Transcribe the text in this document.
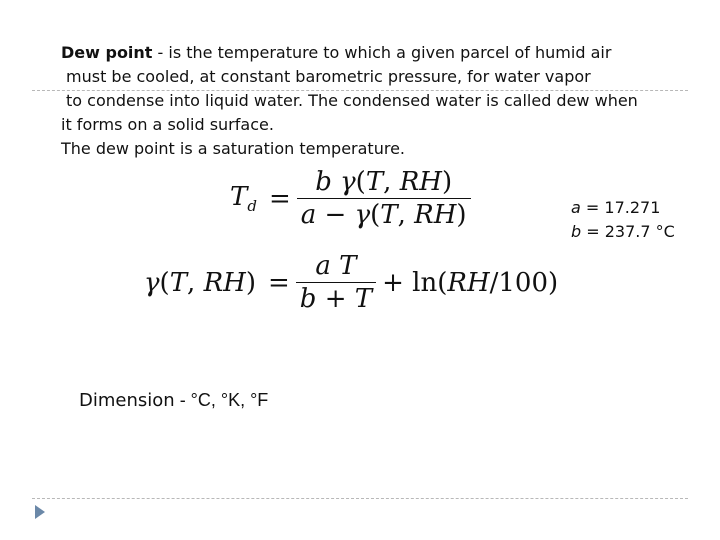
Dew point - is the temperature to which a given parcel of humid air
must be cooled, at constant barometric pressure, for water vapor
to condense into liquid water. The condensed water is called dew when
it forms on a solid surface.
The dew point is a saturation temperature.
$T_d = \frac{\text{b γ(T, RH)}}{a - \gamma(T, RH)}$
γ(T, $RH) = \frac{\text{a T}}{b + T} + \ln(RH/100)$
a = 17.271
b = 237.7 °C
Dimension - °C, °K, °F
